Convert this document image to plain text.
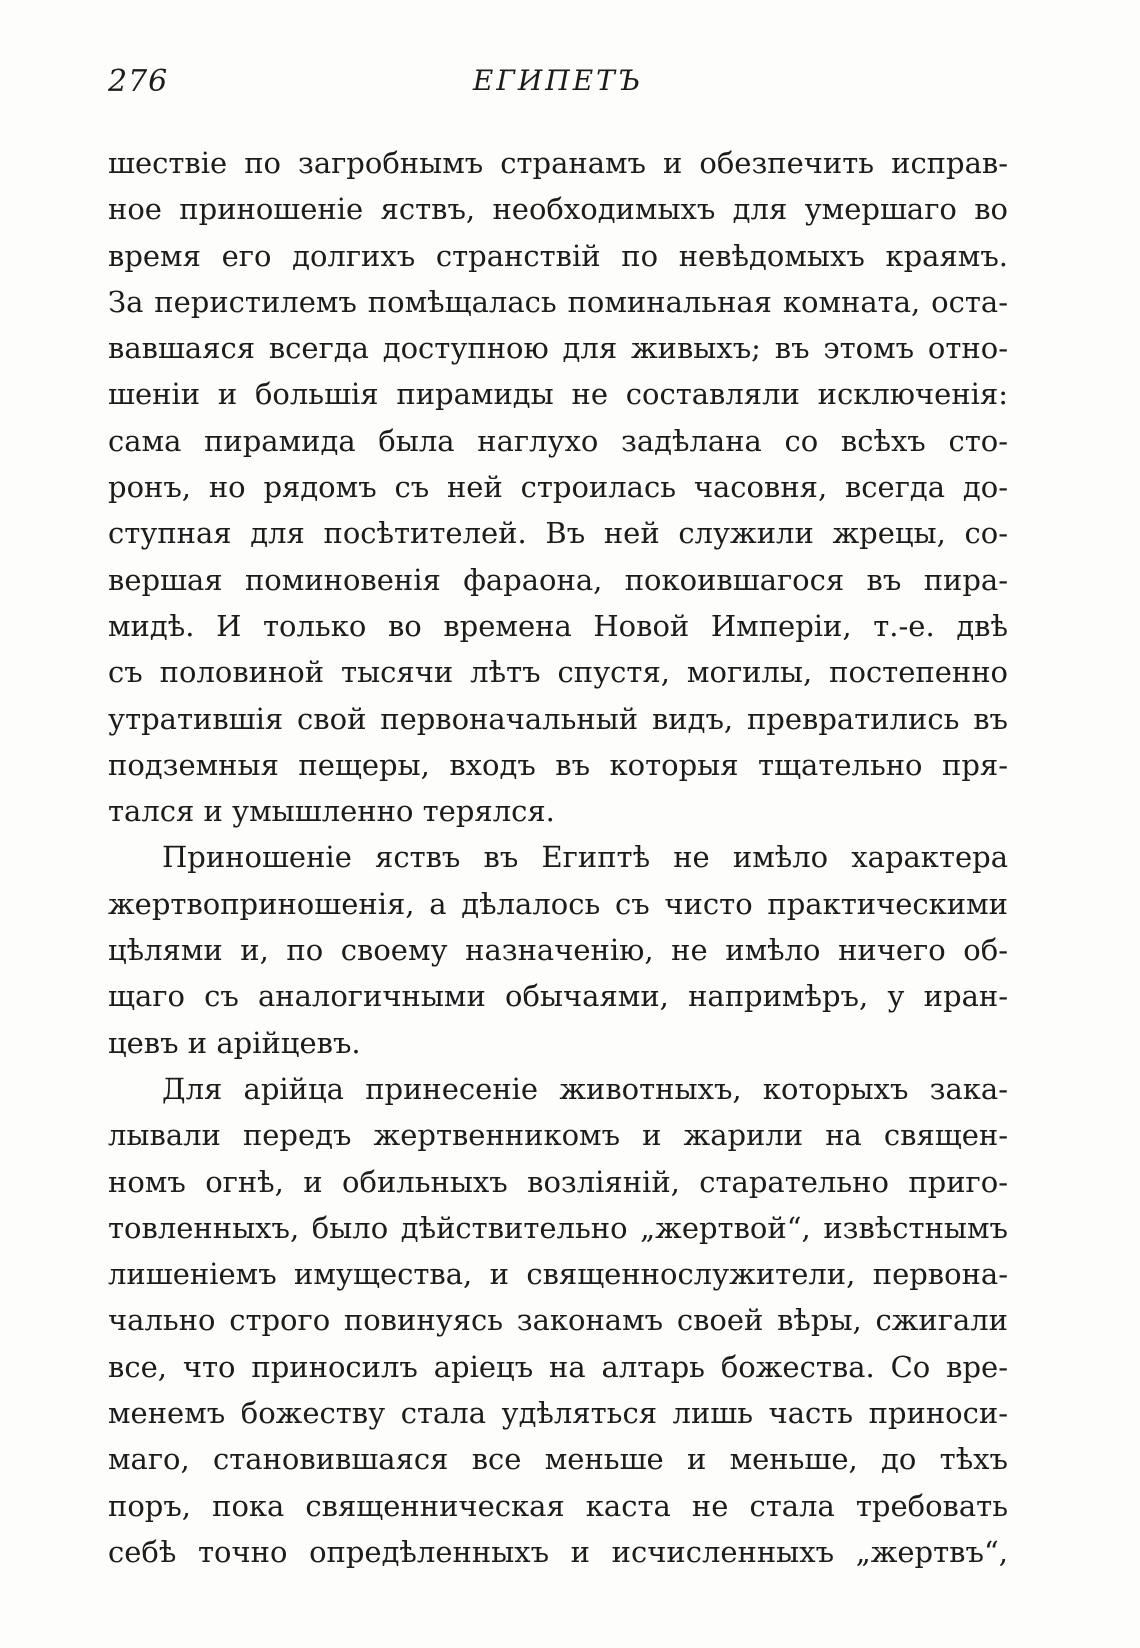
276	ЕГИПЕТЪ
шествіе по загробнымъ странамъ и обезпечить исправ-
ное приношеніе яствъ, необходимыхъ для умершаго во
время его долгихъ странствій по невѣдомыхъ краямъ.
За перистилемъ помѣщалась поминальная комната, оста-
вавшаяся всегда доступною для живыхъ; въ этомъ отно-
шеніи и большія пирамиды не составляли исключенія:
сама пирамида была наглухо задѣлана со всѣхъ сто-
ронъ, но рядомъ съ ней строилась часовня, всегда до-
ступная для посѣтителей. Въ ней служили жрецы, со-
вершая поминовенія фараона, покоившагося въ пира-
мидѣ. И только во времена Новой Имперіи, т.-е. двѣ
съ половиной тысячи лѣтъ спустя, могилы, постепенно
утратившія свой первоначальный видъ, превратились въ
подземныя пещеры, входъ въ которыя тщательно пря-
тался и умышленно терялся.
Приношеніе яствъ въ Египтѣ не имѣло характера
жертвоприношенія, а дѣлалось съ чисто практическими
цѣлями и, по своему назначенію, не имѣло ничего об-
щаго съ аналогичными обычаями, напримѣръ, у иран-
цевъ и арійцевъ.
Для арійца принесеніе животныхъ, которыхъ зака-
лывали передъ жертвенникомъ и жарили на священ-
номъ огнѣ, и обильныхъ возліяній, старательно приго-
товленныхъ, было дѣйствительно „жертвой“, извѣстнымъ
лишеніемъ имущества, и священнослужители, первона-
чально строго повинуясь законамъ своей вѣры, сжигали
все, что приносилъ аріецъ на алтарь божества. Со вре-
менемъ божеству стала удѣляться лишь часть приноси-
маго, становившаяся все меньше и меньше, до тѣхъ
поръ, пока священническая каста не стала требовать
себѣ точно опредѣленныхъ и исчисленныхъ „жертвъ“,
